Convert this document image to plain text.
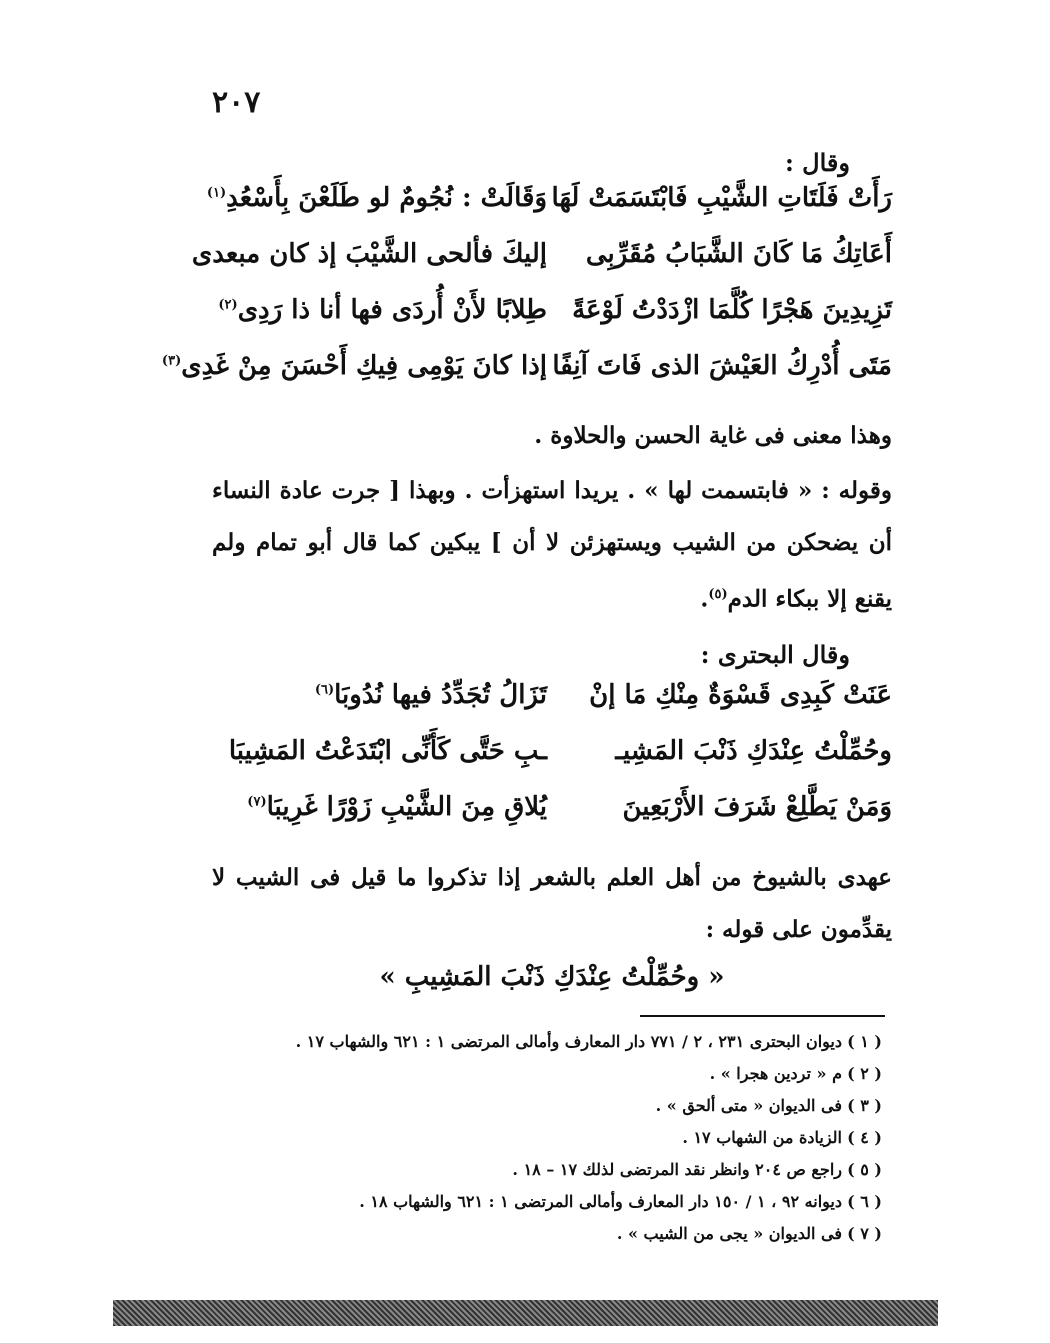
٢٠٧
وقال :
رَأَتْ فَلَتَاتِ الشَّيْبِ فَابْتَسَمَتْ لَهَا
وَقَالَتْ : نُجُومٌ لو طَلَعْنَ بِأَسْعُدِ$^{(١)}$
أَعَاتِكُ مَا كَانَ الشَّبَابُ مُقَرِّبِى
إليكَ فألحى الشَّيْبَ إذ كان مبعدى
تَزِيدِينَ هَجْرًا كُلَّمَا ازْدَدْتُ لَوْعَةً
طِلابًا لأَنْ أُردَى فها أنا ذا رَدِى$^{(٢)}$
مَتَى أُدْرِكُ العَيْشَ الذى فَاتَ آنِفًا
إذا كانَ يَوْمِى فِيكِ أَحْسَنَ مِنْ غَدِى$^{(٣)}$
وهذا معنى فى غاية الحسن والحلاوة .
وقوله : « فابتسمت لها » . يريدا استهزأت . وبهذا [ جرت عادة النساء أن يضحكن من الشيب ويستهزئن لا أن ] يبكين كما قال أبو تمام ولم يقنع إلا ببكاء الدم$^{(٥)}$.
وقال البحترى :
عَنَتْ كَبِدِى قَسْوَةٌ مِنْكِ مَا إنْ
تَزَالُ تُجَدِّدُ فيها نُدُوبَا$^{(٦)}$
وحُمِّلْتُ عِنْدَكِ ذَنْبَ المَشِيـ
ـبِ حَتَّى كَأَنِّى ابْتَدَعْتُ المَشِيبَا
وَمَنْ يَطَّلِعْ شَرَفَ الأَرْبَعِينَ
يُلاقِ مِنَ الشَّيْبِ زَوْرًا غَرِيبَا$^{(٧)}$
عهدى بالشيوخ من أهل العلم بالشعر إذا تذكروا ما قيل فى الشيب لا يقدِّمون على قوله :
« وحُمِّلْتُ عِنْدَكِ ذَنْبَ المَشِيبِ »
( ١ )ديوان البحترى ٢٣١ ، ٢ / ٧٧١ دار المعارف وأمالى المرتضى ١ : ٦٢١ والشهاب ١٧ .
( ٢ )م « تردين هجرا » .
( ٣ )فى الديوان « متى ألحق » .
( ٤ )الزيادة من الشهاب ١٧ .
( ٥ )راجع ص ٢٠٤ وانظر نقد المرتضى لذلك ١٧ – ١٨ .
( ٦ )ديوانه ٩٢ ، ١ / ١٥٠ دار المعارف وأمالى المرتضى ١ : ٦٢١ والشهاب ١٨ .
( ٧ )فى الديوان « يجى من الشيب » .
